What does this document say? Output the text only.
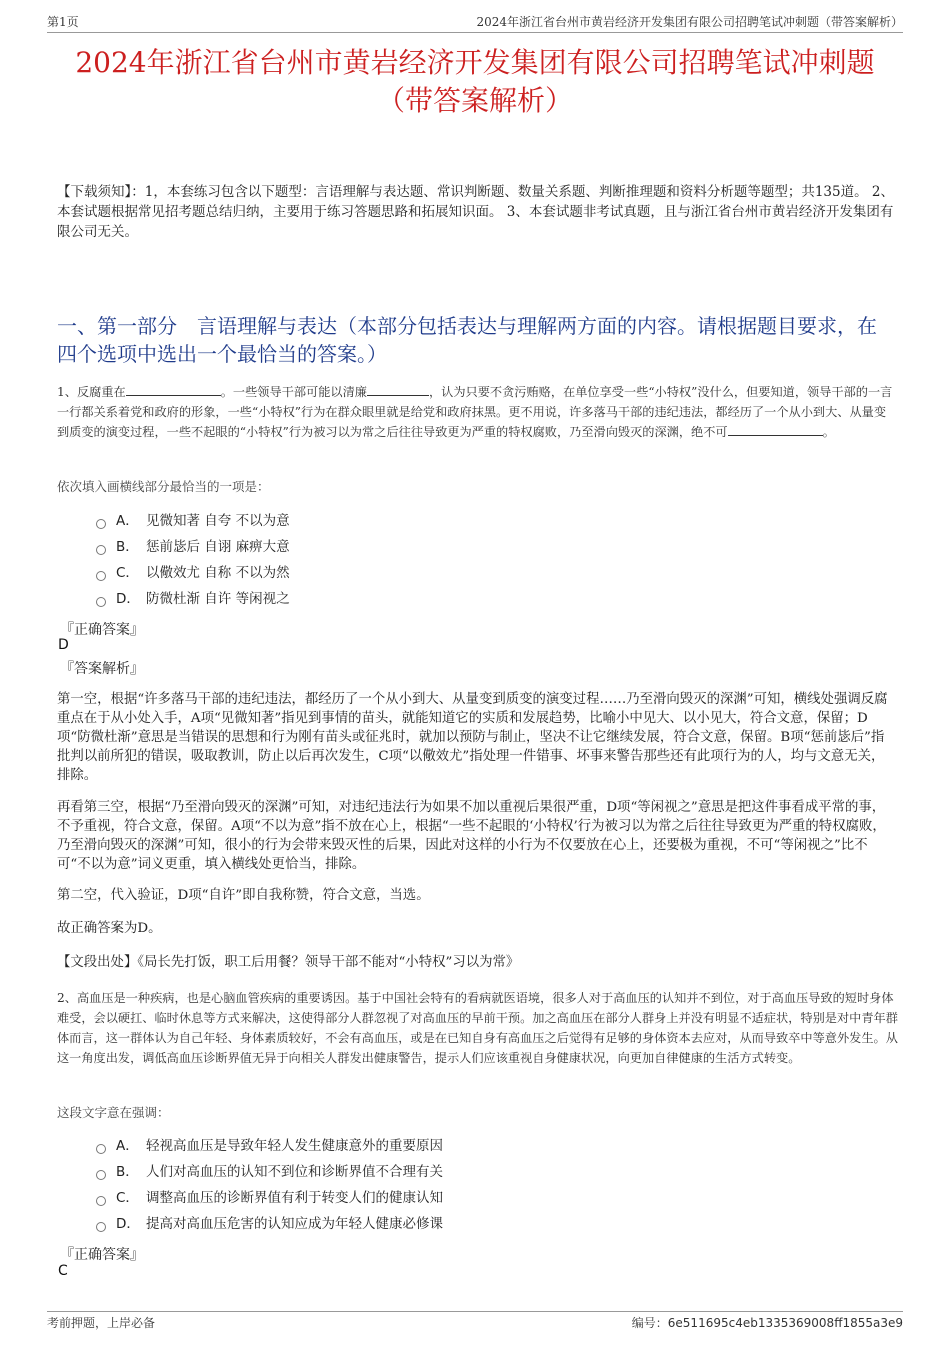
第1页	2024年浙江省台州市黄岩经济开发集团有限公司招聘笔试冲刺题（带答案解析）
2024年浙江省台州市黄岩经济开发集团有限公司招聘笔试冲刺题（带答案解析）
【下载须知】：1，本套练习包含以下题型：言语理解与表达题、常识判断题、数量关系题、判断推理题和资料分析题等题型；共135道。 2、本套试题根据常见招考题总结归纳，主要用于练习答题思路和拓展知识面。 3、本套试题非考试真题，且与浙江省台州市黄岩经济开发集团有限公司无关。
一、第一部分　言语理解与表达（本部分包括表达与理解两方面的内容。请根据题目要求，在四个选项中选出一个最恰当的答案。）
1、反腐重在	。一些领导干部可能以清廉	，认为只要不贪污贿赂，在单位享受一些“小特权”没什么，但要知道，领导干部的一言一行都关系着党和政府的形象，一些“小特权”行为在群众眼里就是给党和政府抹黑。更不用说，许多落马干部的违纪违法，都经历了一个从小到大、从量变到质变的演变过程，一些不起眼的“小特权”行为被习以为常之后往往导致更为严重的特权腐败，乃至滑向毁灭的深渊，绝不可	。
依次填入画横线部分最恰当的一项是：
A． 见微知著 自夸 不以为意
B． 惩前毖后 自诩 麻痹大意
C． 以儆效尤 自称 不以为然
D． 防微杜渐 自许 等闲视之
『正确答案』
D
『答案解析』
第一空，根据“许多落马干部的违纪违法，都经历了一个从小到大、从量变到质变的演变过程……乃至滑向毁灭的深渊”可知，横线处强调反腐重点在于从小处入手，A项“见微知著”指见到事情的苗头，就能知道它的实质和发展趋势，比喻小中见大、以小见大，符合文意，保留；D项“防微杜渐”意思是当错误的思想和行为刚有苗头或征兆时，就加以预防与制止，坚决不让它继续发展，符合文意，保留。B项“惩前毖后”指批判以前所犯的错误，吸取教训，防止以后再次发生，C项“以儆效尤”指处理一件错事、坏事来警告那些还有此项行为的人，均与文意无关，排除。
再看第三空，根据“乃至滑向毁灭的深渊”可知，对违纪违法行为如果不加以重视后果很严重，D项“等闲视之”意思是把这件事看成平常的事，不予重视，符合文意，保留。A项“不以为意”指不放在心上，根据“一些不起眼的‘小特权’行为被习以为常之后往往导致更为严重的特权腐败，乃至滑向毁灭的深渊”可知，很小的行为会带来毁灭性的后果，因此对这样的小行为不仅要放在心上，还要极为重视，不可“等闲视之”比不可“不以为意”词义更重，填入横线处更恰当，排除。
第二空，代入验证，D项“自许”即自我称赞，符合文意，当选。
故正确答案为D。
【文段出处】《局长先打饭，职工后用餐？领导干部不能对“小特权”习以为常》
2、高血压是一种疾病，也是心脑血管疾病的重要诱因。基于中国社会特有的看病就医语境，很多人对于高血压的认知并不到位，对于高血压导致的短时身体难受，会以硬扛、临时休息等方式来解决，这使得部分人群忽视了对高血压的早前干预。加之高血压在部分人群身上并没有明显不适症状，特别是对中青年群体而言，这一群体认为自己年轻、身体素质较好，不会有高血压，或是在已知自身有高血压之后觉得有足够的身体资本去应对，从而导致卒中等意外发生。从这一角度出发，调低高血压诊断界值无异于向相关人群发出健康警告，提示人们应该重视自身健康状况，向更加自律健康的生活方式转变。
这段文字意在强调：
A． 轻视高血压是导致年轻人发生健康意外的重要原因
B． 人们对高血压的认知不到位和诊断界值不合理有关
C． 调整高血压的诊断界值有利于转变人们的健康认知
D． 提高对高血压危害的认知应成为年轻人健康必修课
『正确答案』
C
考前押题，上岸必备	编号：6e511695c4eb1335369008ff1855a3e9
